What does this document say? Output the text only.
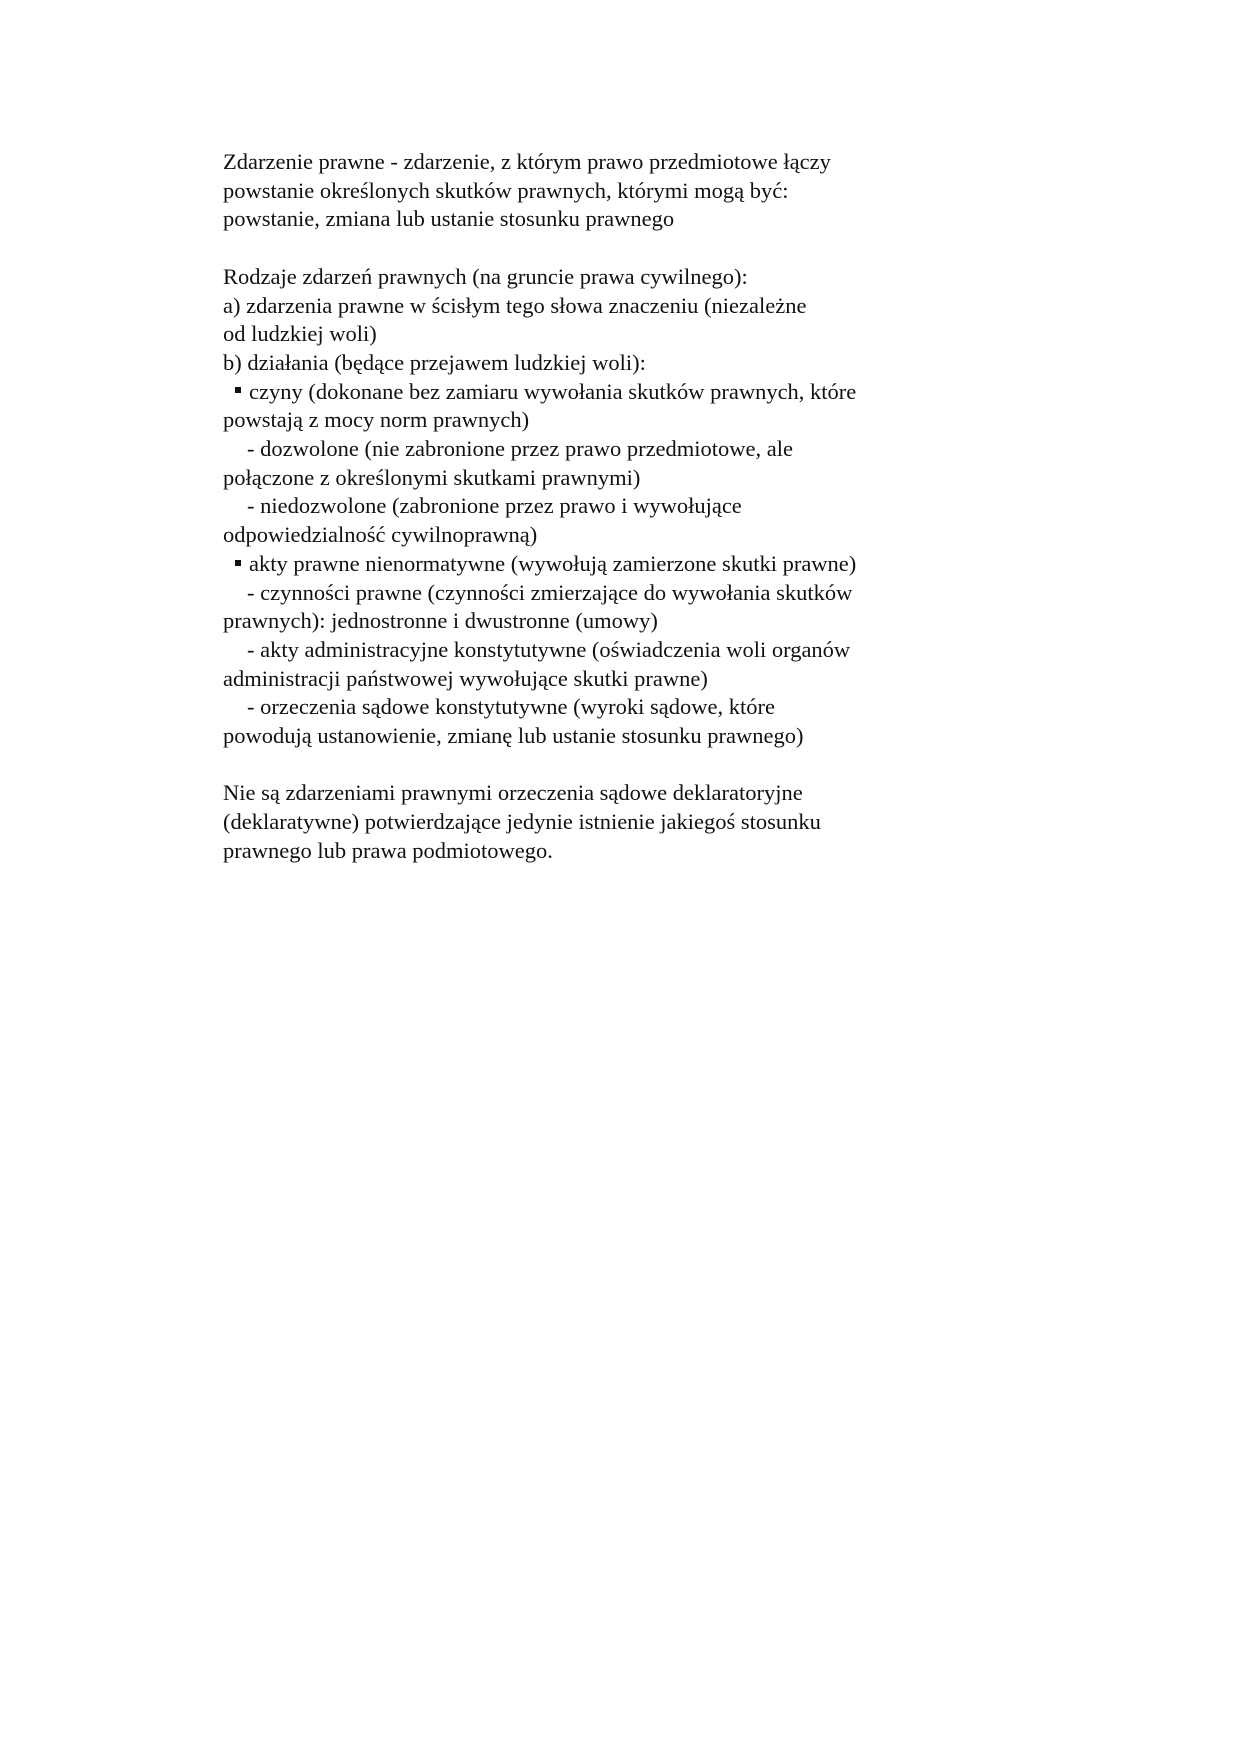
Zdarzenie prawne - zdarzenie, z którym prawo przedmiotowe łączy
powstanie określonych skutków prawnych, którymi mogą być:
powstanie, zmiana lub ustanie stosunku prawnego
Rodzaje zdarzeń prawnych (na gruncie prawa cywilnego):
a) zdarzenia prawne w ścisłym tego słowa znaczeniu (niezależne
od ludzkiej woli)
b) działania (będące przejawem ludzkiej woli):
czyny (dokonane bez zamiaru wywołania skutków prawnych, które
powstają z mocy norm prawnych)
- dozwolone (nie zabronione przez prawo przedmiotowe, ale
połączone z określonymi skutkami prawnymi)
- niedozwolone (zabronione przez prawo i wywołujące
odpowiedzialność cywilnoprawną)
akty prawne nienormatywne (wywołują zamierzone skutki prawne)
- czynności prawne (czynności zmierzające do wywołania skutków
prawnych): jednostronne i dwustronne (umowy)
- akty administracyjne konstytutywne (oświadczenia woli organów
administracji państwowej wywołujące skutki prawne)
- orzeczenia sądowe konstytutywne (wyroki sądowe, które
powodują ustanowienie, zmianę lub ustanie stosunku prawnego)
Nie są zdarzeniami prawnymi orzeczenia sądowe deklaratoryjne
(deklaratywne) potwierdzające jedynie istnienie jakiegoś stosunku
prawnego lub prawa podmiotowego.
